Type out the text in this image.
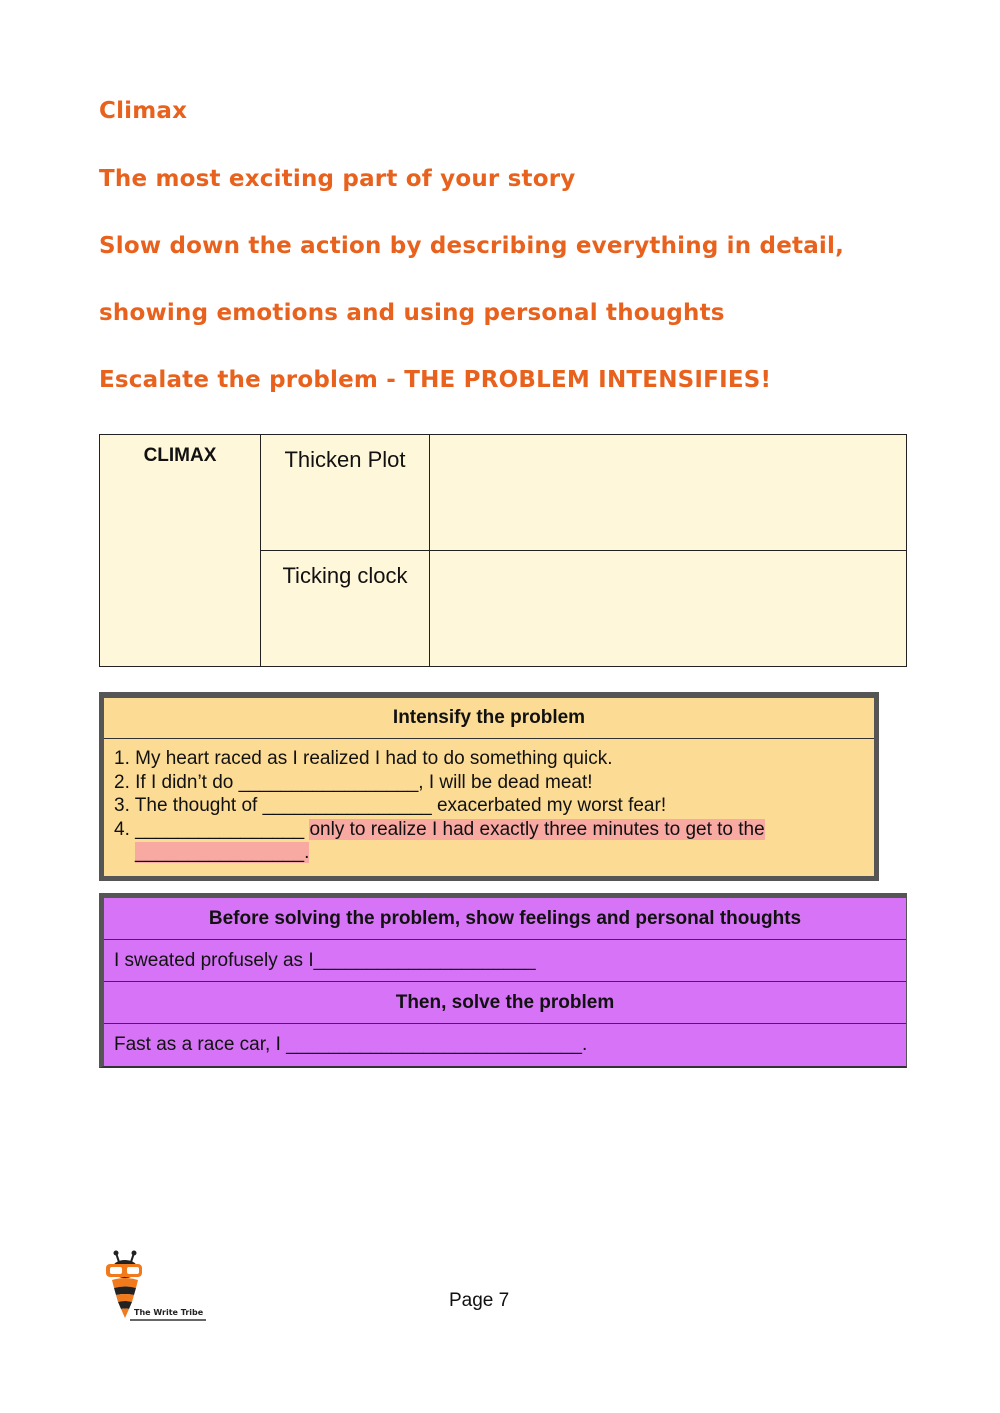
Climax
The most exciting part of your story
Slow down the action by describing everything in detail,
showing emotions and using personal thoughts
Escalate the problem - THE PROBLEM INTENSIFIES!
CLIMAX	Thicken Plot	
	Ticking clock	
Intensify the problem
1. My heart raced as I realized I had to do something quick.
2. If I didn’t do _________________, I will be dead meat!
3. The thought of ________________ exacerbated my worst fear!
4. ________________ only to realize I had exactly three minutes to get to the
________________.
Before solving the problem, show feelings and personal thoughts
I sweated profusely as I_____________________
Then, solve the problem
Fast as a race car, I ____________________________.
The Write Tribe
Page 7
